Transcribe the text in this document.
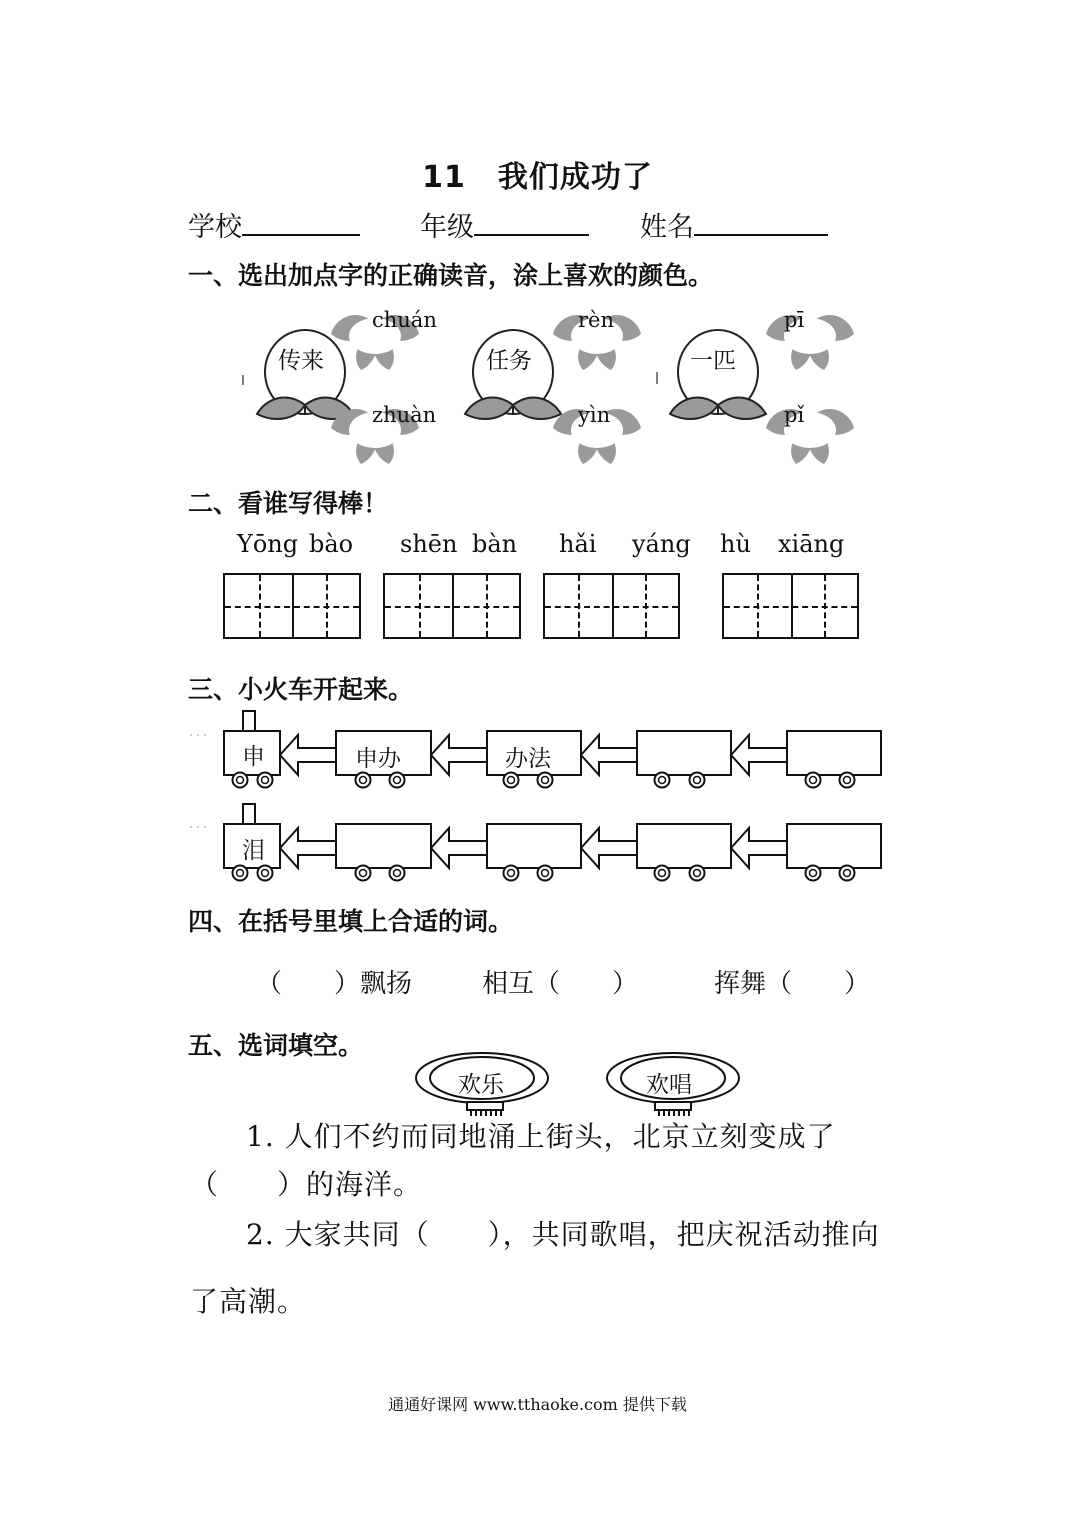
11 我们成功了
学校	年级	姓名
一、选出加点字的正确读音，涂上喜欢的颜色。
传来
chuán
zhuàn
任务
rèn
yìn
一匹
pī
pǐ
二、看谁写得棒！
Yōng bào shēn bàn hǎi yáng hù xiāng
三、小火车开起来。
申	申办	办法
泪
四、在括号里填上合适的词。
（　　）飘扬	相互（　　）	挥舞（　　）
五、选词填空。
欢乐	欢唱
1. 人们不约而同地涌上街头，北京立刻变成了
（　　）的海洋。
2. 大家共同（　　），共同歌唱，把庆祝活动推向
了高潮。
通通好课网 www.tthaoke.com 提供下载
